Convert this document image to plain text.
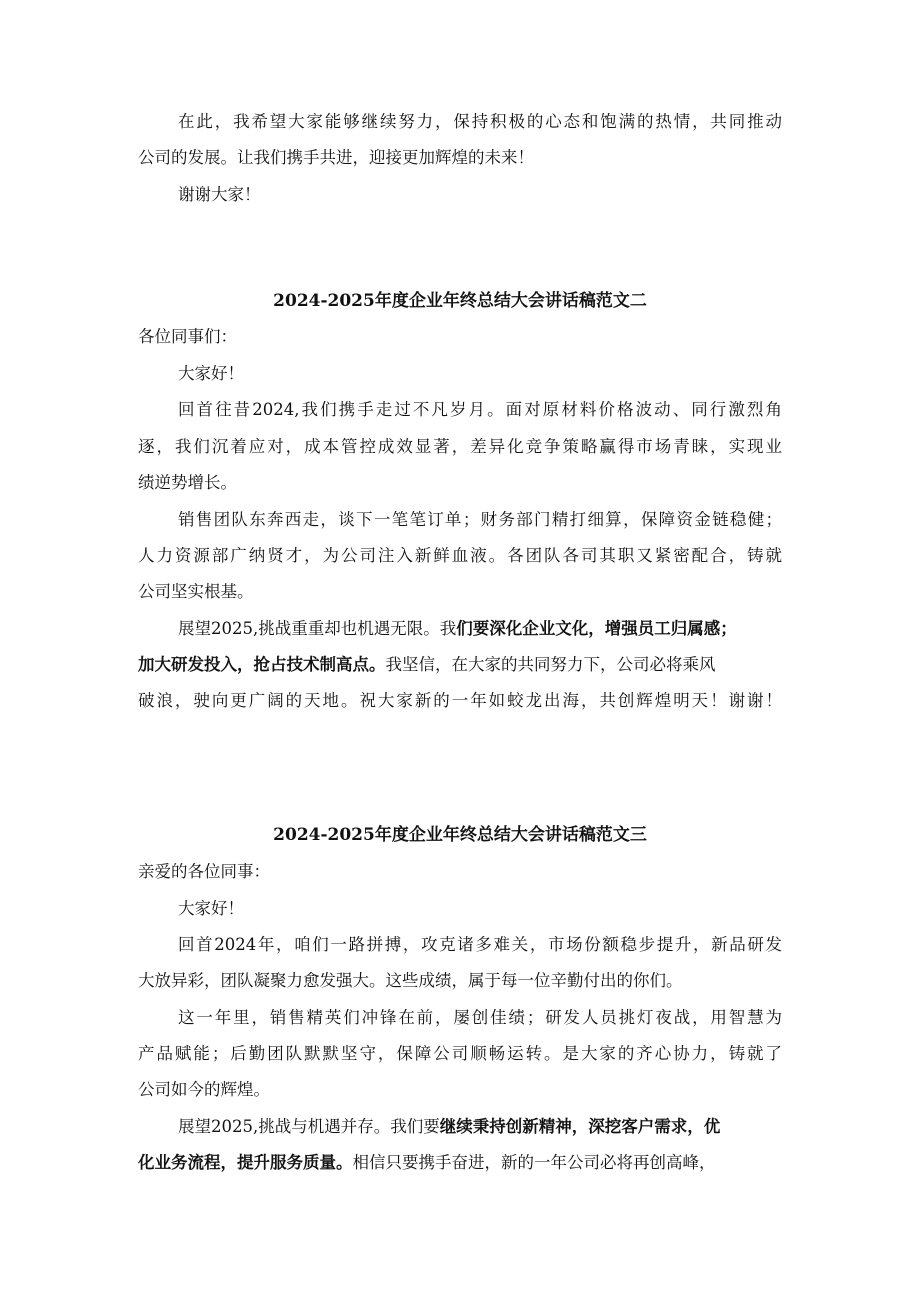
在此，我希望大家能够继续努力，保持积极的心态和饱满的热情，共同推动
公司的发展。让我们携手共进，迎接更加辉煌的未来！
谢谢大家！
2024-2025年度企业年终总结大会讲话稿范文二
各位同事们：
大家好！
回首往昔2024,我们携手走过不凡岁月。面对原材料价格波动、同行激烈角
逐，我们沉着应对，成本管控成效显著，差异化竞争策略赢得市场青睐，实现业
绩逆势增长。
销售团队东奔西走，谈下一笔笔订单；财务部门精打细算，保障资金链稳健；
人力资源部广纳贤才，为公司注入新鲜血液。各团队各司其职又紧密配合，铸就
公司坚实根基。
展望2025,挑战重重却也机遇无限。我们要深化企业文化，增强员工归属感；
加大研发投入，抢占技术制高点。我坚信，在大家的共同努力下，公司必将乘风
破浪，驶向更广阔的天地。祝大家新的一年如蛟龙出海，共创辉煌明天！谢谢！
2024-2025年度企业年终总结大会讲话稿范文三
亲爱的各位同事：
大家好！
回首2024年，咱们一路拼搏，攻克诸多难关，市场份额稳步提升，新品研发
大放异彩，团队凝聚力愈发强大。这些成绩，属于每一位辛勤付出的你们。
这一年里，销售精英们冲锋在前，屡创佳绩；研发人员挑灯夜战，用智慧为
产品赋能；后勤团队默默坚守，保障公司顺畅运转。是大家的齐心协力，铸就了
公司如今的辉煌。
展望2025,挑战与机遇并存。我们要继续秉持创新精神，深挖客户需求，优
化业务流程，提升服务质量。相信只要携手奋进，新的一年公司必将再创高峰，
